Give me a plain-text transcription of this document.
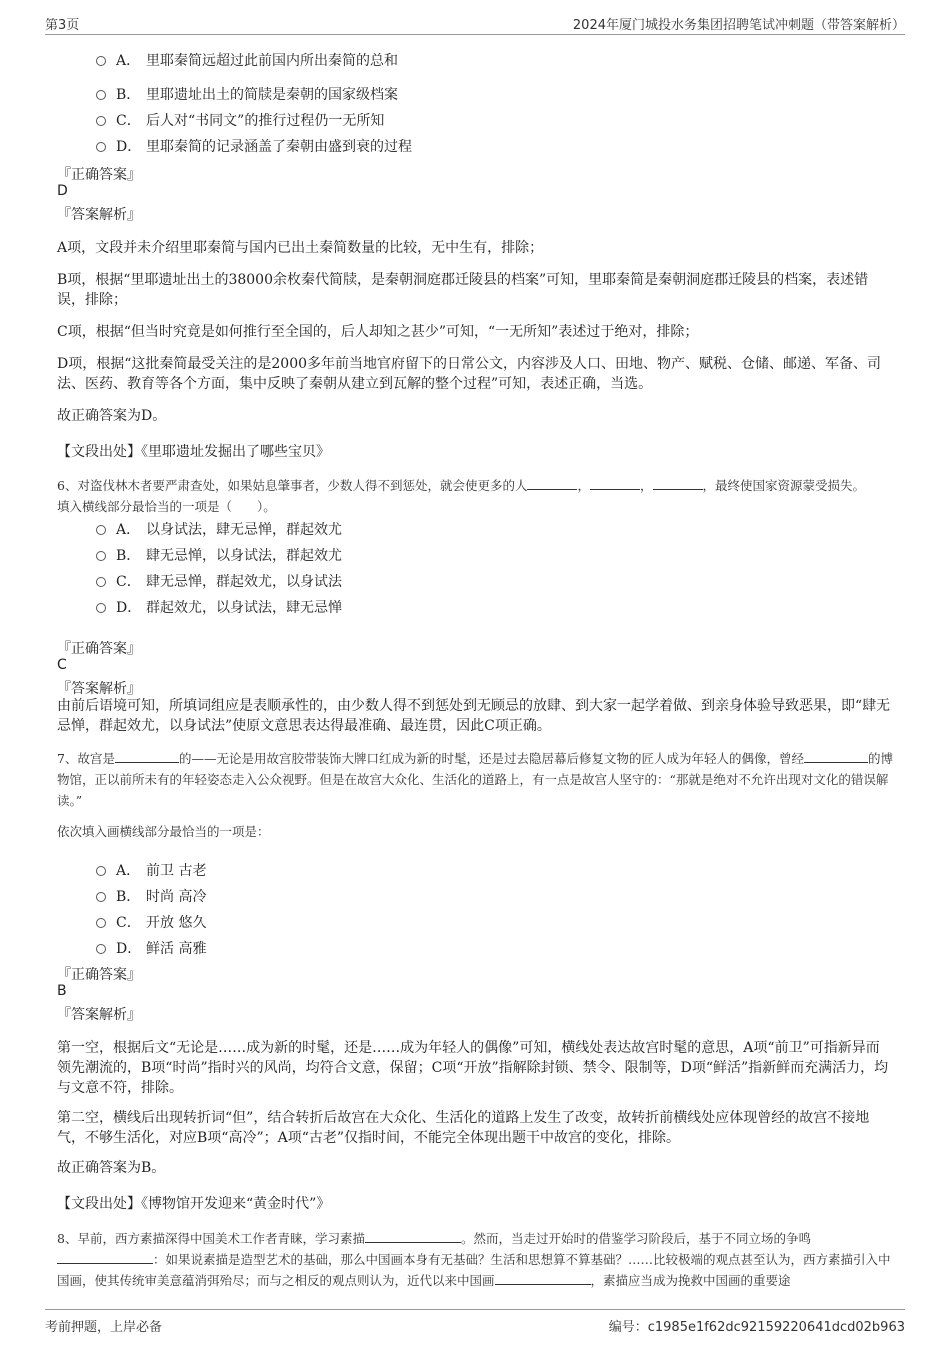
第3页	2024年厦门城投水务集团招聘笔试冲刺题（带答案解析）
A． 里耶秦简远超过此前国内所出秦简的总和
B． 里耶遗址出土的简牍是秦朝的国家级档案
C． 后人对“书同文”的推行过程仍一无所知
D． 里耶秦简的记录涵盖了秦朝由盛到衰的过程
『正确答案』
D
『答案解析』
A项，文段并未介绍里耶秦简与国内已出土秦简数量的比较，无中生有，排除；
B项，根据“里耶遗址出土的38000余枚秦代简牍，是秦朝洞庭郡迁陵县的档案”可知，里耶秦简是秦朝洞庭郡迁陵县的档案，表述错误，排除；
C项，根据“但当时究竟是如何推行至全国的，后人却知之甚少”可知，“一无所知”表述过于绝对，排除；
D项，根据“这批秦简最受关注的是2000多年前当地官府留下的日常公文，内容涉及人口、田地、物产、赋税、仓储、邮递、军备、司法、医药、教育等各个方面，集中反映了秦朝从建立到瓦解的整个过程”可知，表述正确，当选。
故正确答案为D。
【文段出处】《里耶遗址发掘出了哪些宝贝》
6、对盗伐林木者要严肃查处，如果姑息肇事者，少数人得不到惩处，就会使更多的人	，	，	，最终使国家资源蒙受损失。
填入横线部分最恰当的一项是（　　）。
A． 以身试法，肆无忌惮，群起效尤
B． 肆无忌惮，以身试法，群起效尤
C． 肆无忌惮，群起效尤，以身试法
D． 群起效尤，以身试法，肆无忌惮
『正确答案』
C
『答案解析』
由前后语境可知，所填词组应是表顺承性的，由少数人得不到惩处到无顾忌的放肆、到大家一起学着做、到亲身体验导致恶果，即“肆无忌惮，群起效尤，以身试法”使原文意思表达得最准确、最连贯，因此C项正确。
7、故宫是	的——无论是用故宫胶带装饰大牌口红成为新的时髦，还是过去隐居幕后修复文物的匠人成为年轻人的偶像，曾经	的博物馆，正以前所未有的年轻姿态走入公众视野。但是在故宫大众化、生活化的道路上，有一点是故宫人坚守的：“那就是绝对不允许出现对文化的错误解读。”
依次填入画横线部分最恰当的一项是：
A． 前卫 古老
B． 时尚 高冷
C． 开放 悠久
D． 鲜活 高雅
『正确答案』
B
『答案解析』
第一空，根据后文“无论是……成为新的时髦，还是……成为年轻人的偶像”可知，横线处表达故宫时髦的意思，A项“前卫”可指新异而领先潮流的，B项“时尚”指时兴的风尚，均符合文意，保留；C项“开放”指解除封锁、禁令、限制等，D项“鲜活”指新鲜而充满活力，均与文意不符，排除。
第二空，横线后出现转折词“但”，结合转折后故宫在大众化、生活化的道路上发生了改变，故转折前横线处应体现曾经的故宫不接地气，不够生活化，对应B项“高冷”；A项“古老”仅指时间，不能完全体现出题干中故宫的变化，排除。
故正确答案为B。
【文段出处】《博物馆开发迎来“黄金时代”》
8、早前，西方素描深得中国美术工作者青睐，学习素描	。然而，当走过开始时的借鉴学习阶段后，基于不同立场的争鸣：如果说素描是造型艺术的基础，那么中国画本身有无基础？生活和思想算不算基础？……比较极端的观点甚至认为，西方素描引入中国画，使其传统审美意蕴消弭殆尽；而与之相反的观点则认为，近代以来中国画	，素描应当成为挽救中国画的重要途
考前押题，上岸必备	编号：c1985e1f62dc92159220641dcd02b963
